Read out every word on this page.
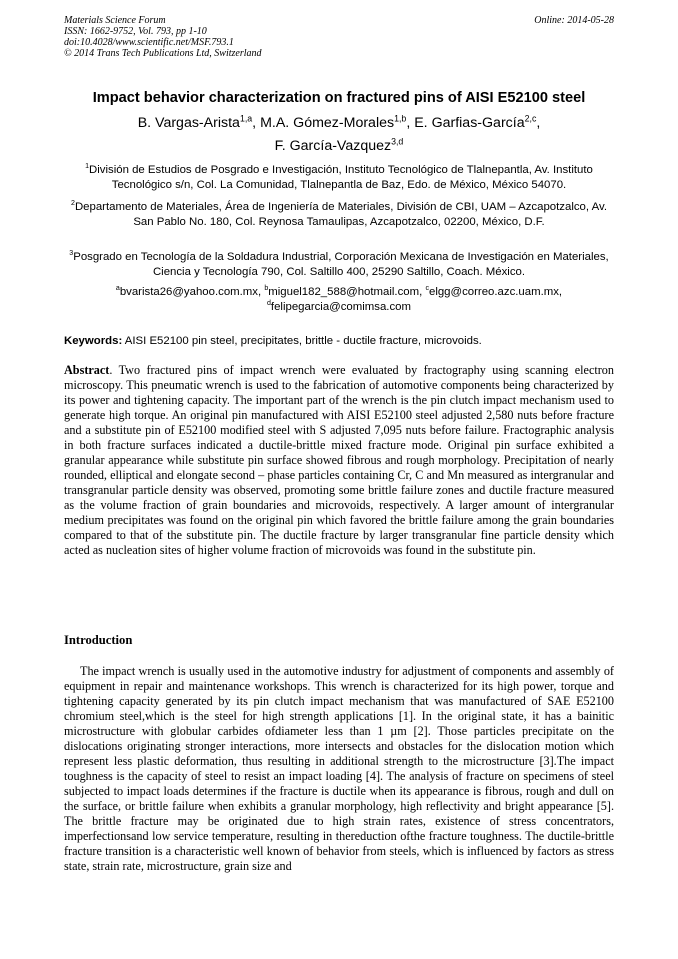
Materials Science Forum
ISSN: 1662-9752, Vol. 793, pp 1-10
doi:10.4028/www.scientific.net/MSF.793.1
© 2014 Trans Tech Publications Ltd, Switzerland
Online: 2014-05-28
Impact behavior characterization on fractured pins of AISI E52100 steel
B. Vargas-Arista$^{1,a}$, M.A. Gómez-Morales$^{1,b}$, E. Garfias-García$^{2,c}$,
F. García-Vazquez$^{3,d}$
$^1$División de Estudios de Posgrado e Investigación, Instituto Tecnológico de Tlalnepantla, Av. Instituto Tecnológico s/n, Col. La Comunidad, Tlalnepantla de Baz, Edo. de México, México 54070.
$^2$Departamento de Materiales, Área de Ingeniería de Materiales, División de CBI, UAM – Azcapotzalco, Av. San Pablo No. 180, Col. Reynosa Tamaulipas, Azcapotzalco, 02200, México, D.F.
$^3$Posgrado en Tecnología de la Soldadura Industrial, Corporación Mexicana de Investigación en Materiales, Ciencia y Tecnología 790, Col. Saltillo 400, 25290 Saltillo, Coach. México.
$^a$bvarista26@yahoo.com.mx, $^b$miguel182_588@hotmail.com, $^c$elgg@correo.azc.uam.mx,
$^d$felipegarcia@comimsa.com
Keywords: AISI E52100 pin steel, precipitates, brittle - ductile fracture, microvoids.
Abstract. Two fractured pins of impact wrench were evaluated by fractography using scanning electron microscopy. This pneumatic wrench is used to the fabrication of automotive components being characterized by its power and tightening capacity. The important part of the wrench is the pin clutch impact mechanism used to generate high torque. An original pin manufactured with AISI E52100 steel adjusted 2,580 nuts before fracture and a substitute pin of E52100 modified steel with S adjusted 7,095 nuts before failure. Fractographic analysis in both fracture surfaces indicated a ductile-brittle mixed fracture mode. Original pin surface exhibited a granular appearance while substitute pin surface showed fibrous and rough morphology. Precipitation of nearly rounded, elliptical and elongate second – phase particles containing Cr, C and Mn measured as intergranular and transgranular particle density was observed, promoting some brittle failure zones and ductile fracture measured as the volume fraction of grain boundaries and microvoids, respectively. A larger amount of intergranular medium precipitates was found on the original pin which favored the brittle failure among the grain boundaries compared to that of the substitute pin. The ductile fracture by larger transgranular fine particle density which acted as nucleation sites of higher volume fraction of microvoids was found in the substitute pin.
Introduction
The impact wrench is usually used in the automotive industry for adjustment of components and assembly of equipment in repair and maintenance workshops. This wrench is characterized for its high power, torque and tightening capacity generated by its pin clutch impact mechanism that was manufactured of SAE E52100 chromium steel,which is the steel for high strength applications [1]. In the original state, it has a bainitic microstructure with globular carbides ofdiameter less than 1 µm [2]. Those particles precipitate on the dislocations originating stronger interactions, more intersects and obstacles for the dislocation motion which represent less plastic deformation, thus resulting in additional strength to the microstructure [3].The impact toughness is the capacity of steel to resist an impact loading [4]. The analysis of fracture on specimens of steel subjected to impact loads determines if the fracture is ductile when its appearance is fibrous, rough and dull on the surface, or brittle failure when exhibits a granular morphology, high reflectivity and bright appearance [5]. The brittle fracture may be originated due to high strain rates, existence of stress concentrators, imperfectionsand low service temperature, resulting in thereduction ofthe fracture toughness. The ductile-brittle fracture transition is a characteristic well known of behavior from steels, which is influenced by factors as stress state, strain rate, microstructure, grain size and
